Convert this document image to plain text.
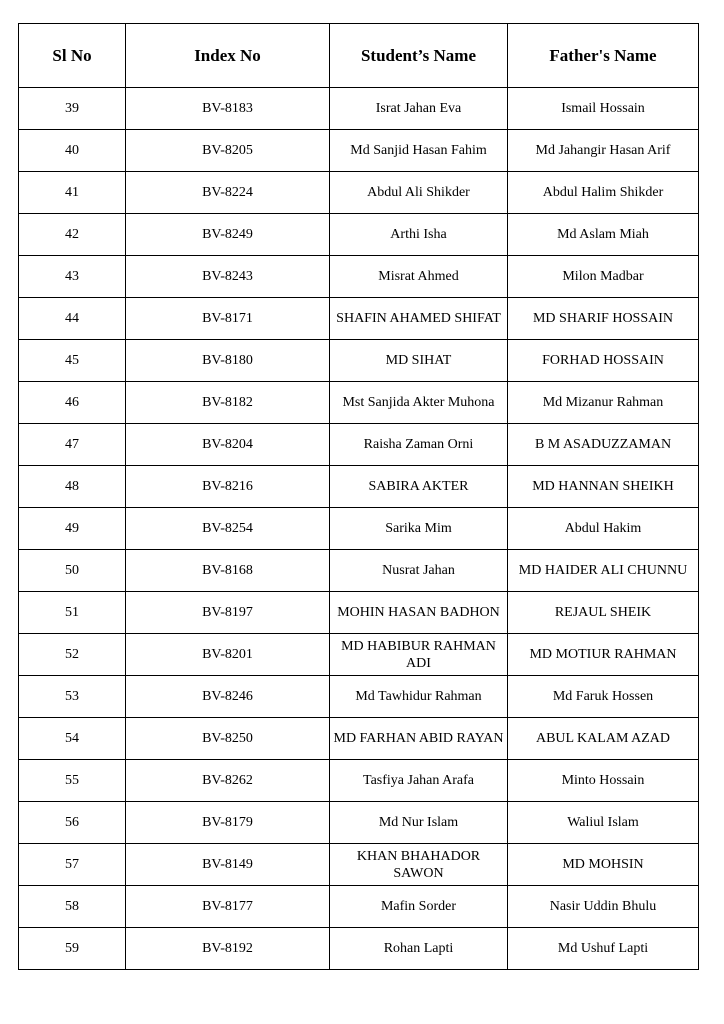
Sl No	Index No	Student’s Name	Father's Name
39	BV-8183	Israt Jahan Eva	Ismail Hossain
40	BV-8205	Md Sanjid Hasan Fahim	Md Jahangir Hasan Arif
41	BV-8224	Abdul Ali Shikder	Abdul Halim Shikder
42	BV-8249	Arthi Isha	Md Aslam Miah
43	BV-8243	Misrat Ahmed	Milon Madbar
44	BV-8171	SHAFIN AHAMED SHIFAT	MD SHARIF HOSSAIN
45	BV-8180	MD SIHAT	FORHAD HOSSAIN
46	BV-8182	Mst Sanjida Akter Muhona	Md Mizanur Rahman
47	BV-8204	Raisha Zaman Orni	B M ASADUZZAMAN
48	BV-8216	SABIRA AKTER	MD HANNAN SHEIKH
49	BV-8254	Sarika Mim	Abdul Hakim
50	BV-8168	Nusrat Jahan	MD HAIDER ALI CHUNNU
51	BV-8197	MOHIN HASAN BADHON	REJAUL SHEIK
52	BV-8201	MD HABIBUR RAHMAN ADI	MD MOTIUR RAHMAN
53	BV-8246	Md Tawhidur Rahman	Md Faruk Hossen
54	BV-8250	MD FARHAN ABID RAYAN	ABUL KALAM AZAD
55	BV-8262	Tasfiya Jahan Arafa	Minto Hossain
56	BV-8179	Md Nur Islam	Waliul Islam
57	BV-8149	KHAN BHAHADOR SAWON	MD MOHSIN
58	BV-8177	Mafin Sorder	Nasir Uddin Bhulu
59	BV-8192	Rohan Lapti	Md Ushuf Lapti
